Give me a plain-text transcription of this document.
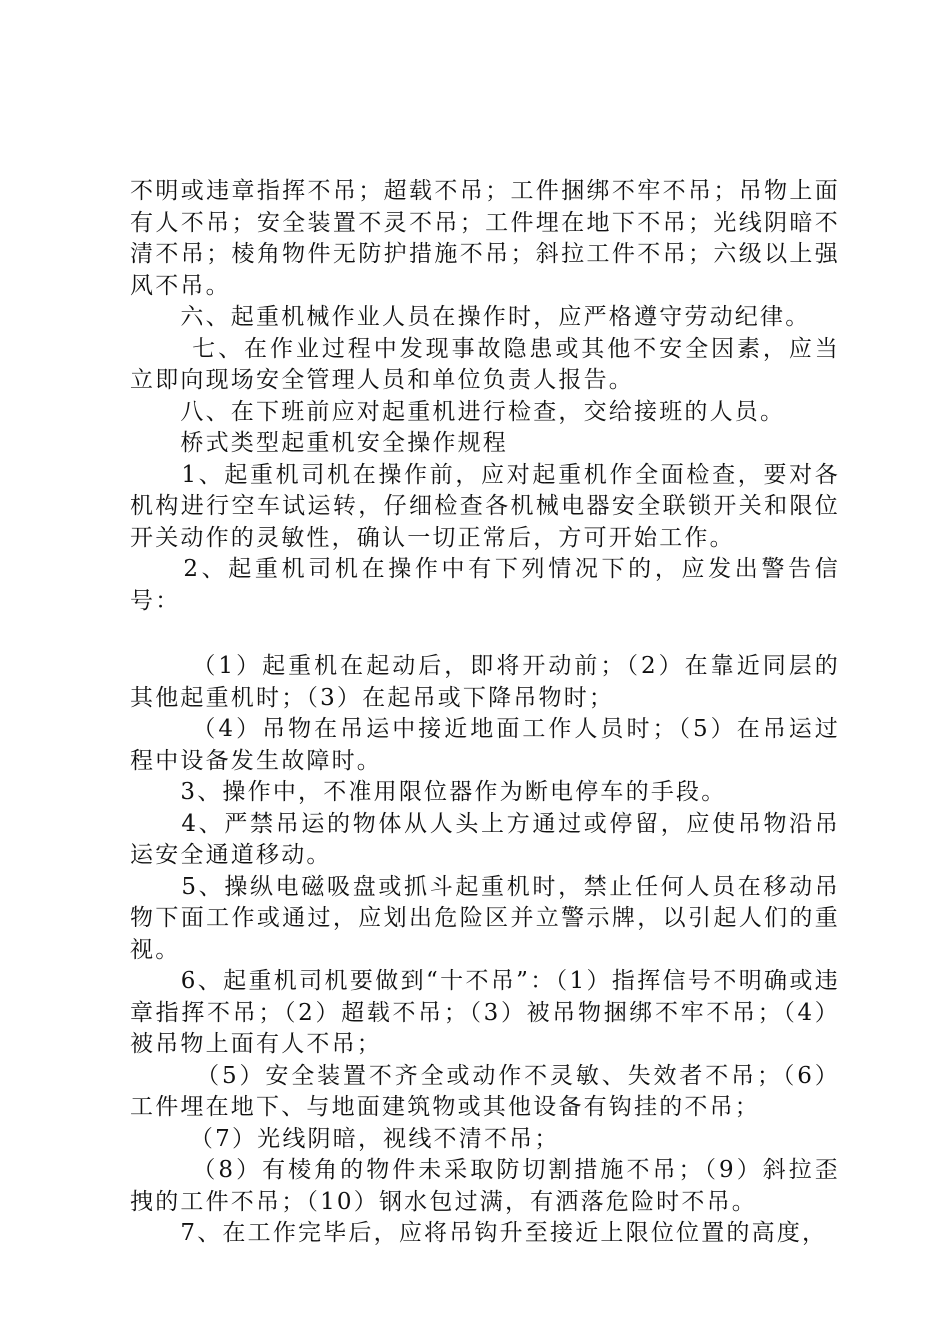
不明或违章指挥不吊；超载不吊；工件捆绑不牢不吊；吊物上面有人不吊；安全装置不灵不吊；工件埋在地下不吊；光线阴暗不清不吊；棱角物件无防护措施不吊；斜拉工件不吊；六级以上强风不吊。

　　六、起重机械作业人员在操作时，应严格遵守劳动纪律。

　　 七、在作业过程中发现事故隐患或其他不安全因素，应当立即向现场安全管理人员和单位负责人报告。

　　八、在下班前应对起重机进行检查，交给接班的人员。

　　桥式类型起重机安全操作规程

　　1、起重机司机在操作前，应对起重机作全面检查，要对各机构进行空车试运转，仔细检查各机械电器安全联锁开关和限位开关动作的灵敏性，确认一切正常后，方可开始工作。

　　2、起重机司机在操作中有下列情况下的，应发出警告信号：

　　 （1）起重机在起动后，即将开动前；（2）在靠近同层的其他起重机时；（3）在起吊或下降吊物时；

　　 （4）吊物在吊运中接近地面工作人员时；（5）在吊运过程中设备发生故障时。

　　3、操作中，不准用限位器作为断电停车的手段。

　　4、严禁吊运的物体从人头上方通过或停留，应使吊物沿吊运安全通道移动。

　　5、操纵电磁吸盘或抓斗起重机时，禁止任何人员在移动吊物下面工作或通过，应划出危险区并立警示牌，以引起人们的重视。

　　6、起重机司机要做到“十不吊”：（1）指挥信号不明确或违章指挥不吊；（2）超载不吊；（3）被吊物捆绑不牢不吊；（4）被吊物上面有人不吊；

　　　（5）安全装置不齐全或动作不灵敏、失效者不吊；（6）工件埋在地下、与地面建筑物或其他设备有钩挂的不吊；

　　 （7）光线阴暗，视线不清不吊；

　　 （8）有棱角的物件未采取防切割措施不吊；（9）斜拉歪拽的工件不吊；（10）钢水包过满，有洒落危险时不吊。

　　7、在工作完毕后，应将吊钩升至接近上限位位置的高度，
